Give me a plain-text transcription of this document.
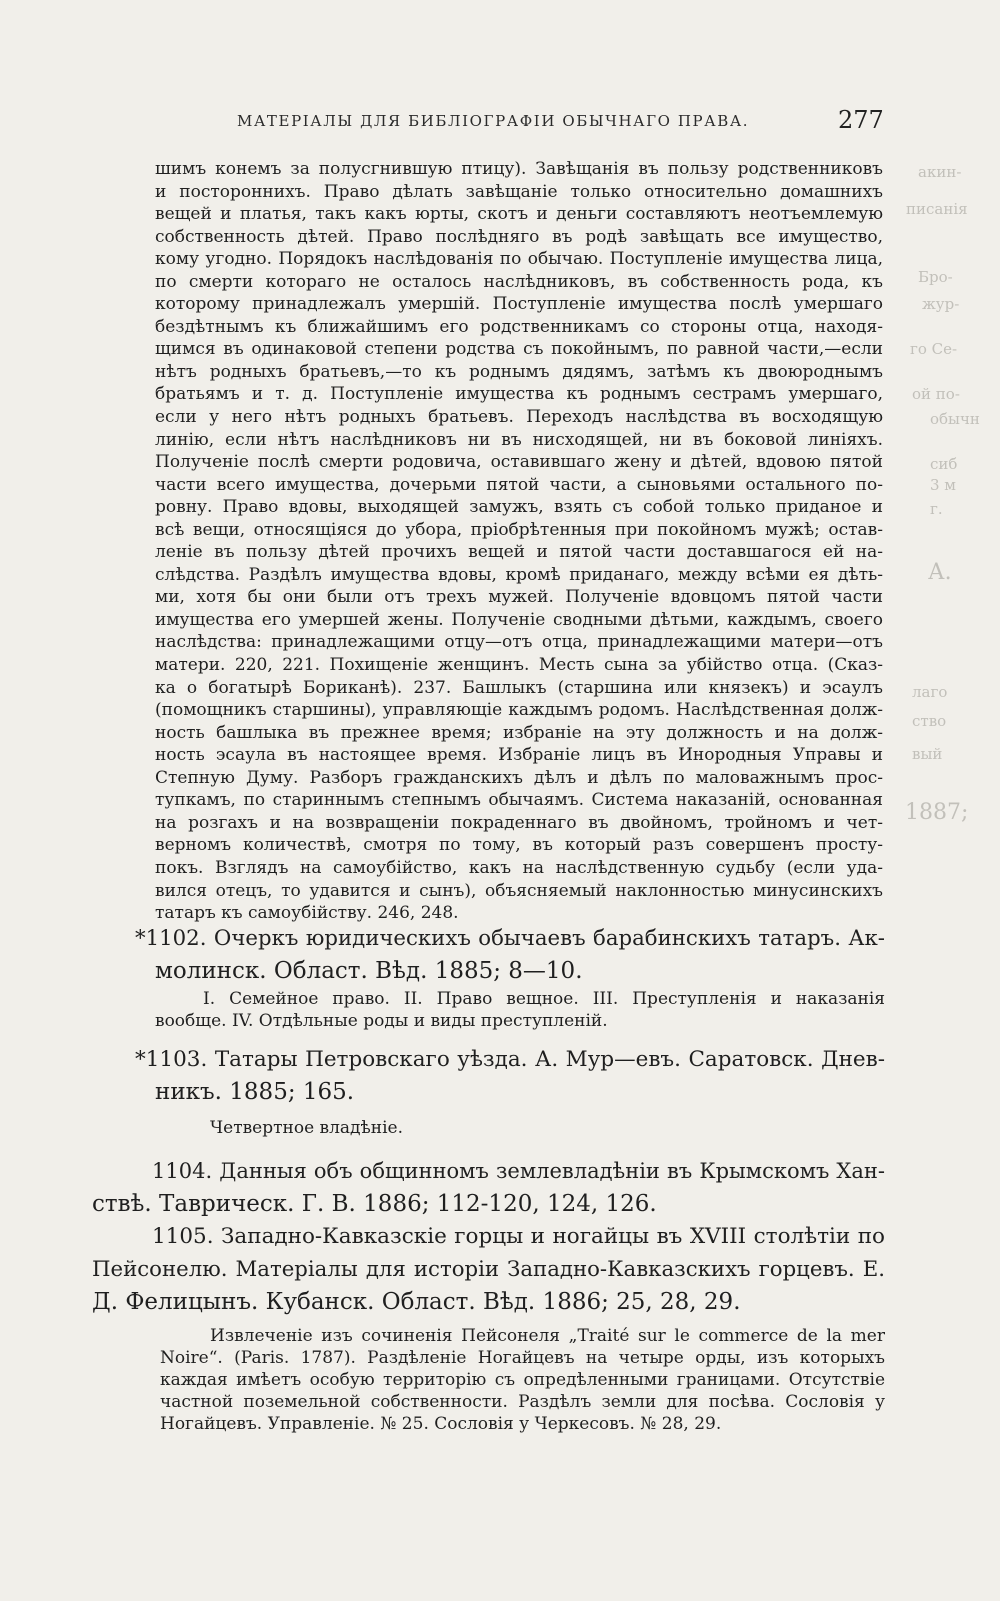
акин-
писанія
Бро-
жур-
го Се-
ой по-
обычн
сиб
3 м
г.
А.
1887;
лаго
ство
вый
МАТЕРІАЛЫ ДЛЯ БИБЛІОГРАФІИ ОБЫЧНАГО ПРАВА.	277
шимъ конемъ за полусгнившую птицу). Завѣщанія въ пользу родственниковъ
и постороннихъ. Право дѣлать завѣщаніе только относительно домашнихъ
вещей и платья, такъ какъ юрты, скотъ и деньги составляютъ неотъемлемую
собственность дѣтей. Право послѣдняго въ родѣ завѣщать все имущество,
кому угодно. Порядокъ наслѣдованія по обычаю. Поступленіе имущества лица,
по смерти котораго не осталось наслѣдниковъ, въ собственность рода, къ
которому принадлежалъ умершій. Поступленіе имущества послѣ умершаго
бездѣтнымъ къ ближайшимъ его родственникамъ со стороны отца, находя-
щимся въ одинаковой степени родства съ покойнымъ, по равной части,—если
нѣтъ родныхъ братьевъ,—то къ роднымъ дядямъ, затѣмъ къ двоюроднымъ
братьямъ и т. д. Поступленіе имущества къ роднымъ сестрамъ умершаго,
если у него нѣтъ родныхъ братьевъ. Переходъ наслѣдства въ восходящую
линію, если нѣтъ наслѣдниковъ ни въ нисходящей, ни въ боковой линіяхъ.
Полученіе послѣ смерти родовича, оставившаго жену и дѣтей, вдовою пятой
части всего имущества, дочерьми пятой части, а сыновьями остального по-
ровну. Право вдовы, выходящей замужъ, взять съ собой только приданое и
всѣ вещи, относящіяся до убора, пріобрѣтенныя при покойномъ мужѣ; остав-
леніе въ пользу дѣтей прочихъ вещей и пятой части доставшагося ей на-
слѣдства. Раздѣлъ имущества вдовы, кромѣ приданаго, между всѣми ея дѣть-
ми, хотя бы они были отъ трехъ мужей. Полученіе вдовцомъ пятой части
имущества его умершей жены. Полученіе сводными дѣтьми, каждымъ, своего
наслѣдства: принадлежащими отцу—отъ отца, принадлежащими матери—отъ
матери. 220, 221. Похищеніе женщинъ. Месть сына за убійство отца. (Сказ-
ка о богатырѣ Бориканѣ). 237. Башлыкъ (старшина или князекъ) и эсаулъ
(помощникъ старшины), управляющіе каждымъ родомъ. Наслѣдственная долж-
ность башлыка въ прежнее время; избраніе на эту должность и на долж-
ность эсаула въ настоящее время. Избраніе лицъ въ Инородныя Управы и
Степную Думу. Разборъ гражданскихъ дѣлъ и дѣлъ по маловажнымъ прос-
тупкамъ, по стариннымъ степнымъ обычаямъ. Система наказаній, основанная
на розгахъ и на возвращеніи покраденнаго въ двойномъ, тройномъ и чет-
верномъ количествѣ, смотря по тому, въ который разъ совершенъ просту-
покъ. Взглядъ на самоубійство, какъ на наслѣдственную судьбу (если уда-
вился отецъ, то удавится и сынъ), объясняемый наклонностью минусинскихъ
татаръ къ самоубійству. 246, 248.
*1102. Очеркъ юридическихъ обычаевъ барабинскихъ татаръ. Ак-
молинск. Област. Вѣд. 1885; 8—10.
I. Семейное право. II. Право вещное. III. Преступленія и наказанія
вообще. IV. Отдѣльные роды и виды преступленій.
*1103. Татары Петровскаго уѣзда. А. Мур—евъ. Саратовск. Днев-
никъ. 1885; 165.
Четвертное владѣніе.
1104. Данныя объ общинномъ землевладѣніи въ Крымскомъ Хан-
ствѣ. Таврическ. Г. В. 1886; 112-120, 124, 126.
1105. Западно-Кавказскіе горцы и ногайцы въ XVIII столѣтіи по
Пейсонелю. Матеріалы для исторіи Западно-Кавказскихъ горцевъ. Е.
Д. Фелицынъ. Кубанск. Област. Вѣд. 1886; 25, 28, 29.
Извлеченіе изъ сочиненія Пейсонеля „Traité sur le commerce de la mer
Noire“. (Paris. 1787). Раздѣленіе Ногайцевъ на четыре орды, изъ которыхъ
каждая имѣетъ особую территорію съ опредѣленными границами. Отсутствіе
частной поземельной собственности. Раздѣлъ земли для посѣва. Сословія у
Ногайцевъ. Управленіе. № 25. Сословія у Черкесовъ. № 28, 29.
